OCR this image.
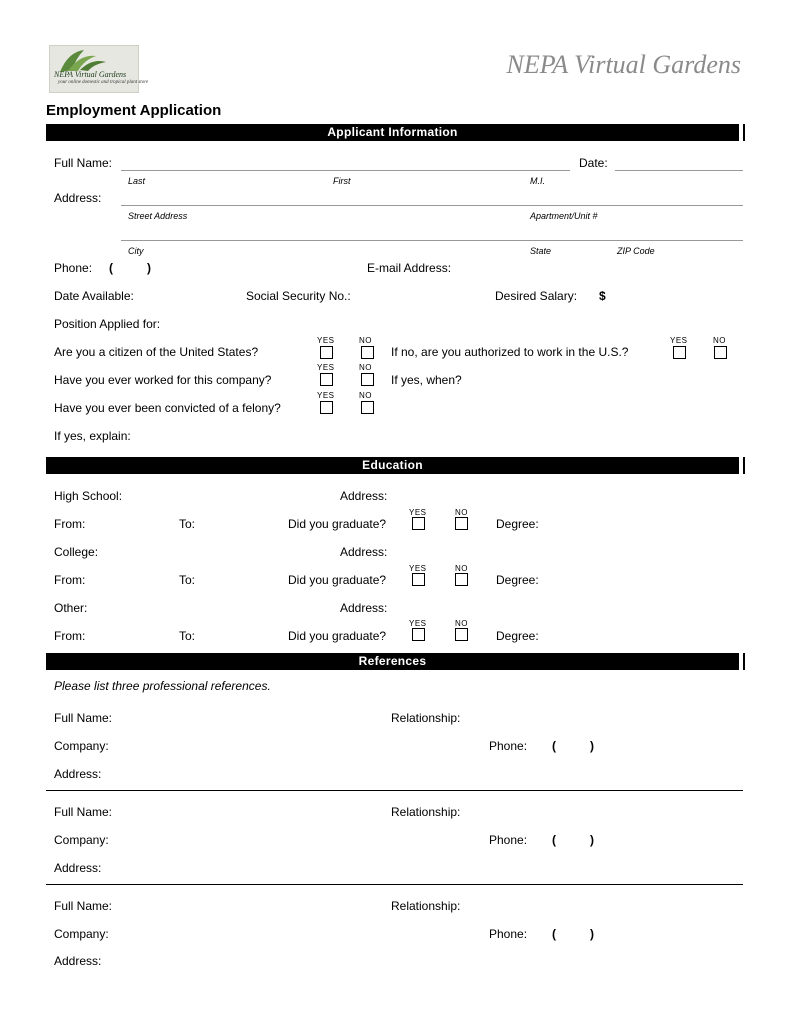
NEPA Virtual Gardens
your online domestic and tropical plant store
NEPA Virtual Gardens
Employment Application
Applicant Information
Full Name:	Date:
Last	First	M.I.
Address:
Street Address	Apartment/Unit #
City	State	ZIP Code
Phone: (	)	E-mail Address:
Date Available:	Social Security No.:	Desired Salary: $
Position Applied for:
YES	NO	YES	NO
Are you a citizen of the United States?	If no, are you authorized to work in the U.S.?
YES	NO
Have you ever worked for this company?	If yes, when?
YES	NO
Have you ever been convicted of a felony?
If yes, explain:
Education
High School:	Address:
YES	NO
From:	To:	Did you graduate?	Degree:
College:	Address:
YES	NO
From:	To:	Did you graduate?	Degree:
Other:	Address:
YES	NO
From:	To:	Did you graduate?	Degree:
References
Please list three professional references.
Full Name:	Relationship:
Company:	Phone: (	)
Address:
Full Name:	Relationship:
Company:	Phone: (	)
Address:
Full Name:	Relationship:
Company:	Phone: (	)
Address:
